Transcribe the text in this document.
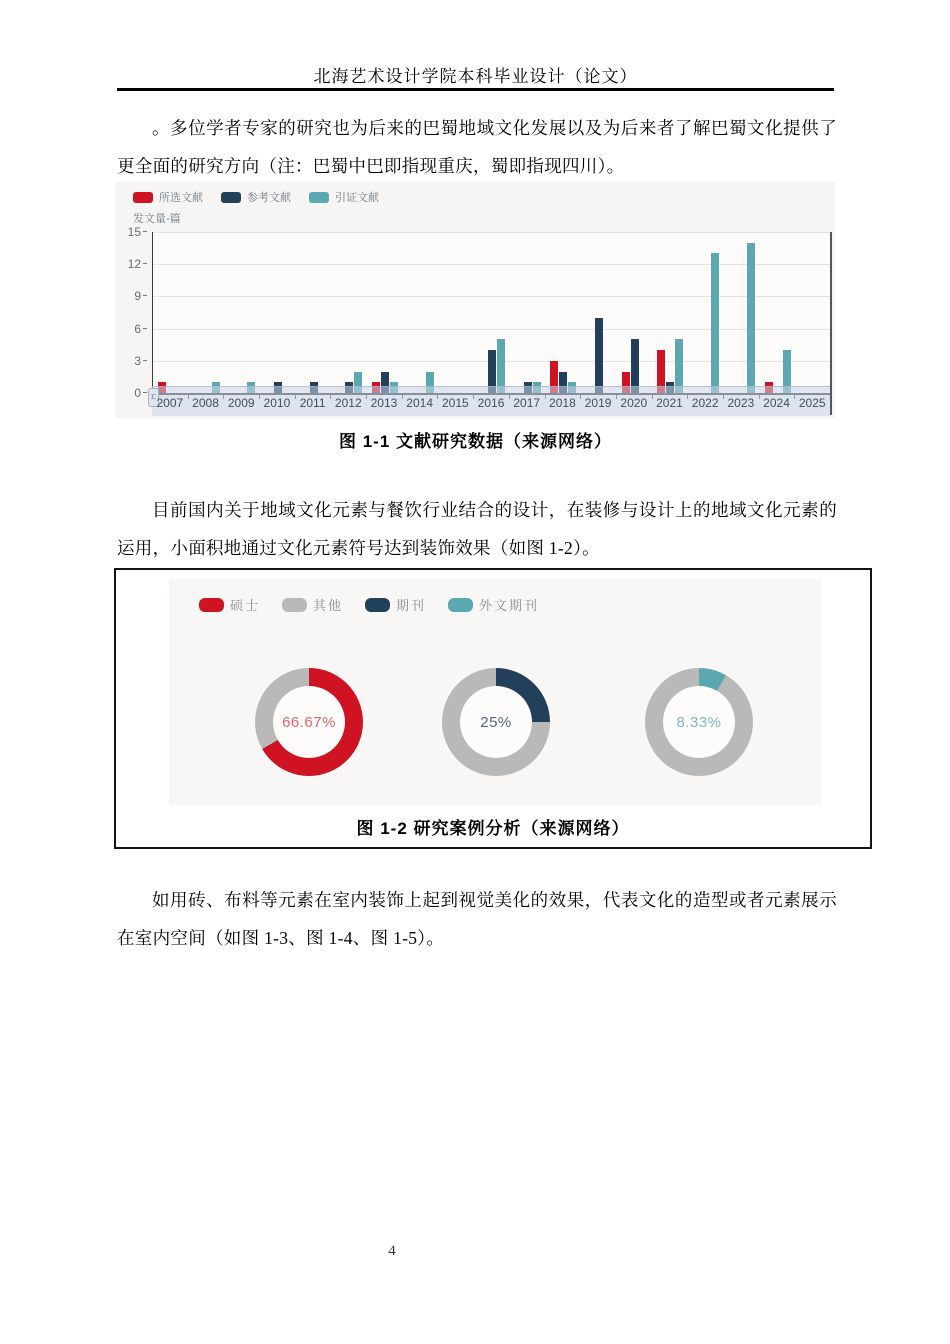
北海艺术设计学院本科毕业设计（论文）
。多位学者专家的研究也为后来的巴蜀地域文化发展以及为后来者了解巴蜀文化提供了更全面的研究方向（注：巴蜀中巴即指现重庆，蜀即指现四川）。
所选文献	参考文献	引证文献
发文量-篇
0
3
6
9
12
15
2007 2008 2009 2010 2011 2012 2013 2014 2015 2016 2017 2018 2019 2020 2021 2022 2023 2024 2025
图 1-1 文献研究数据（来源网络）
目前国内关于地域文化元素与餐饮行业结合的设计，在装修与设计上的地域文化元素的运用，小面积地通过文化元素符号达到装饰效果（如图 1-2）。
硕士	其他	期刊	外文期刊
66.67%	25%	8.33%
图 1-2 研究案例分析（来源网络）
如用砖、布料等元素在室内装饰上起到视觉美化的效果，代表文化的造型或者元素展示在室内空间（如图 1-3、图 1-4、图 1-5）。
4
